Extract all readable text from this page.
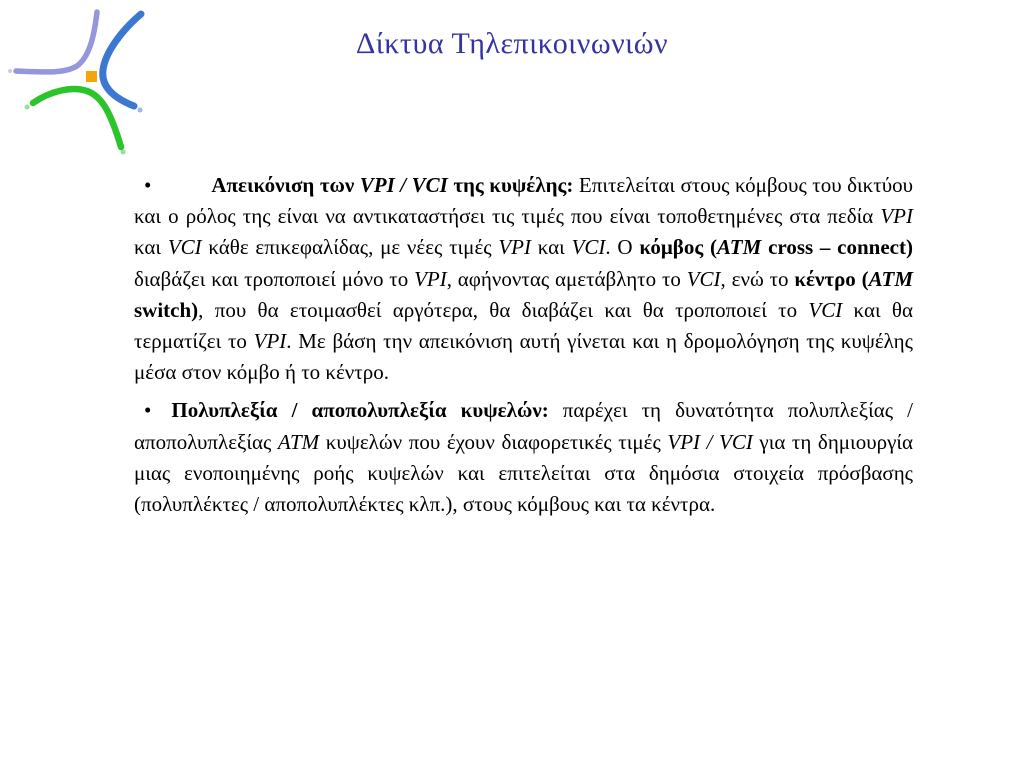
Δίκτυα Τηλεπικοινωνιών
•	Απεικόνιση των VPI / VCI της κυψέλης: Επιτελείται στους κόμβους του δικτύου και ο ρόλος της είναι να αντικαταστήσει τις τιμές που είναι τοποθετημένες στα πεδία VPI και VCI κάθε επικεφαλίδας, με νέες τιμές VPI και VCI. Ο κόμβος (ATM cross – connect) διαβάζει και τροποποιεί μόνο το VPI, αφήνοντας αμετάβλητο το VCI, ενώ το κέντρο (ATM switch), που θα ετοιμασθεί αργότερα, θα διαβάζει και θα τροποποιεί το VCI και θα τερματίζει το VPI. Με βάση την απεικόνιση αυτή γίνεται και η δρομολόγηση της κυψέλης μέσα στον κόμβο ή το κέντρο.
• Πολυπλεξία / αποπολυπλεξία κυψελών: παρέχει τη δυνατότητα πολυπλεξίας / αποπολυπλεξίας ATM κυψελών που έχουν διαφορετικές τιμές VPI / VCI για τη δημιουργία μιας ενοποιημένης ροής κυψελών και επιτελείται στα δημόσια στοιχεία πρόσβασης (πολυπλέκτες / αποπολυπλέκτες κλπ.), στους κόμβους και τα κέντρα.
